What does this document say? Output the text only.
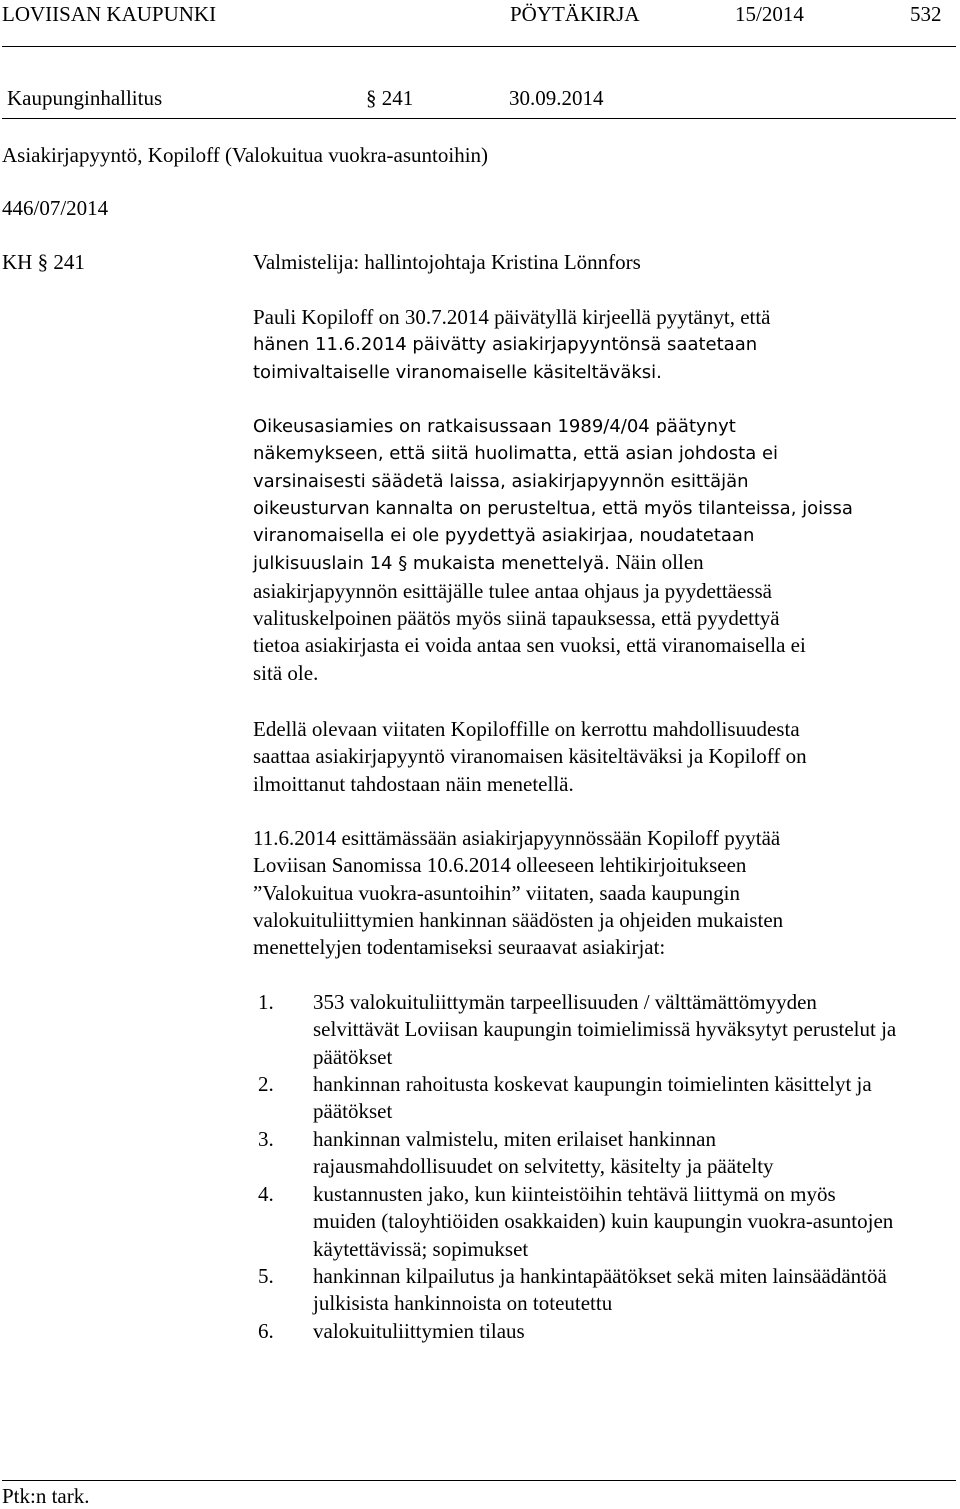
LOVIISAN KAUPUNKI	PÖYTÄKIRJA	15/2014	532
Kaupunginhallitus	§ 241	30.09.2014
Asiakirjapyyntö, Kopiloff (Valokuitua vuokra-asuntoihin)
446/07/2014
KH § 241	Valmistelija: hallintojohtaja Kristina Lönnfors
Pauli Kopiloff on 30.7.2014 päivätyllä kirjeellä pyytänyt, että
hänen 11.6.2014 päivätty asiakirjapyyntönsä saatetaan
toimivaltaiselle viranomaiselle käsiteltäväksi.
Oikeusasiamies on ratkaisussaan 1989/4/04 päätynyt
näkemykseen, että siitä huolimatta, että asian johdosta ei
varsinaisesti säädetä laissa, asiakirjapyynnön esittäjän
oikeusturvan kannalta on perusteltua, että myös tilanteissa, joissa
viranomaisella ei ole pyydettyä asiakirjaa, noudatetaan
julkisuuslain 14 § mukaista menettelyä. Näin ollen
asiakirjapyynnön esittäjälle tulee antaa ohjaus ja pyydettäessä
valituskelpoinen päätös myös siinä tapauksessa, että pyydettyä
tietoa asiakirjasta ei voida antaa sen vuoksi, että viranomaisella ei
sitä ole.
Edellä olevaan viitaten Kopiloffille on kerrottu mahdollisuudesta
saattaa asiakirjapyyntö viranomaisen käsiteltäväksi ja Kopiloff on
ilmoittanut tahdostaan näin menetellä.
11.6.2014 esittämässään asiakirjapyynnössään Kopiloff pyytää
Loviisan Sanomissa 10.6.2014 olleeseen lehtikirjoitukseen
”Valokuitua vuokra-asuntoihin” viitaten, saada kaupungin
valokuituliittymien hankinnan säädösten ja ohjeiden mukaisten
menettelyjen todentamiseksi seuraavat asiakirjat:
1. 353 valokuituliittymän tarpeellisuuden / välttämättömyyden
selvittävät Loviisan kaupungin toimielimissä hyväksytyt perustelut ja
päätökset
2. hankinnan rahoitusta koskevat kaupungin toimielinten käsittelyt ja
päätökset
3. hankinnan valmistelu, miten erilaiset hankinnan
rajausmahdollisuudet on selvitetty, käsitelty ja päätelty
4. kustannusten jako, kun kiinteistöihin tehtävä liittymä on myös
muiden (taloyhtiöiden osakkaiden) kuin kaupungin vuokra-asuntojen
käytettävissä; sopimukset
5. hankinnan kilpailutus ja hankintapäätökset sekä miten lainsäädäntöä
julkisista hankinnoista on toteutettu
6. valokuituliittymien tilaus
Ptk:n tark.
